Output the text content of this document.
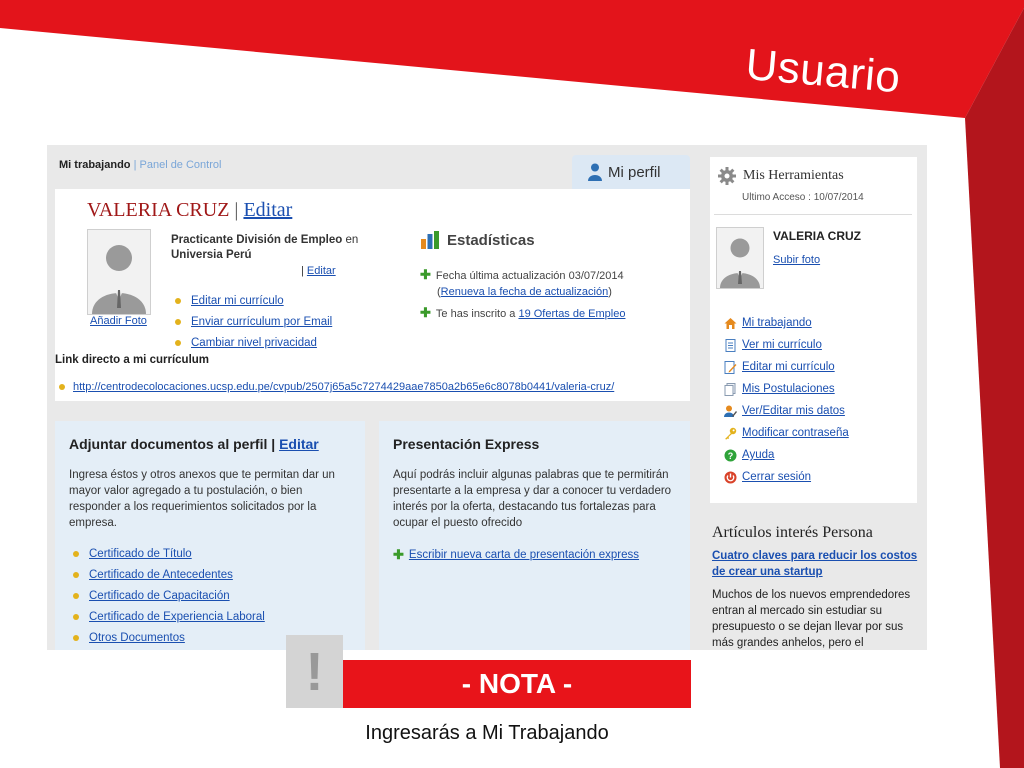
Usuario
Mi trabajando | Panel de Control	Mi perfil
VALERIA CRUZ | Editar
Añadir Foto
Practicante División de Empleo en Universia Perú
| Editar
Editar mi currículo
Enviar currículum por Email
Cambiar nivel privacidad
Link directo a mi currículum
http://centrodecolocaciones.ucsp.edu.pe/cvpub/2507j65a5c7274429aae7850a2b65e6c8078b0441/valeria-cruz/
Estadísticas
✚ Fecha última actualización 03/07/2014
(Renueva la fecha de actualización)
✚ Te has inscrito a 19 Ofertas de Empleo
Adjuntar documentos al perfil | Editar
Ingresa éstos y otros anexos que te permitan dar un mayor valor agregado a tu postulación, o bien responder a los requerimientos solicitados por la empresa.
Certificado de Título
Certificado de Antecedentes
Certificado de Capacitación
Certificado de Experiencia Laboral
Otros Documentos
Presentación Express
Aquí podrás incluir algunas palabras que te permitirán presentarte a la empresa y dar a conocer tu verdadero interés por la oferta, destacando tus fortalezas para ocupar el puesto ofrecido
✚ Escribir nueva carta de presentación express
Mis Herramientas
Ultimo Acceso : 10/07/2014
VALERIA CRUZ
Subir foto
Mi trabajando
Ver mi currículo
Editar mi currículo
Mis Postulaciones
Ver/Editar mis datos
Modificar contraseña
? Ayuda
Cerrar sesión
Artículos interés Persona
Cuatro claves para reducir los costos de crear una startup
Muchos de los nuevos emprendedores entran al mercado sin estudiar su presupuesto o se dejan llevar por sus más grandes anhelos, pero el
!	- NOTA -
Ingresarás a Mi Trabajando
